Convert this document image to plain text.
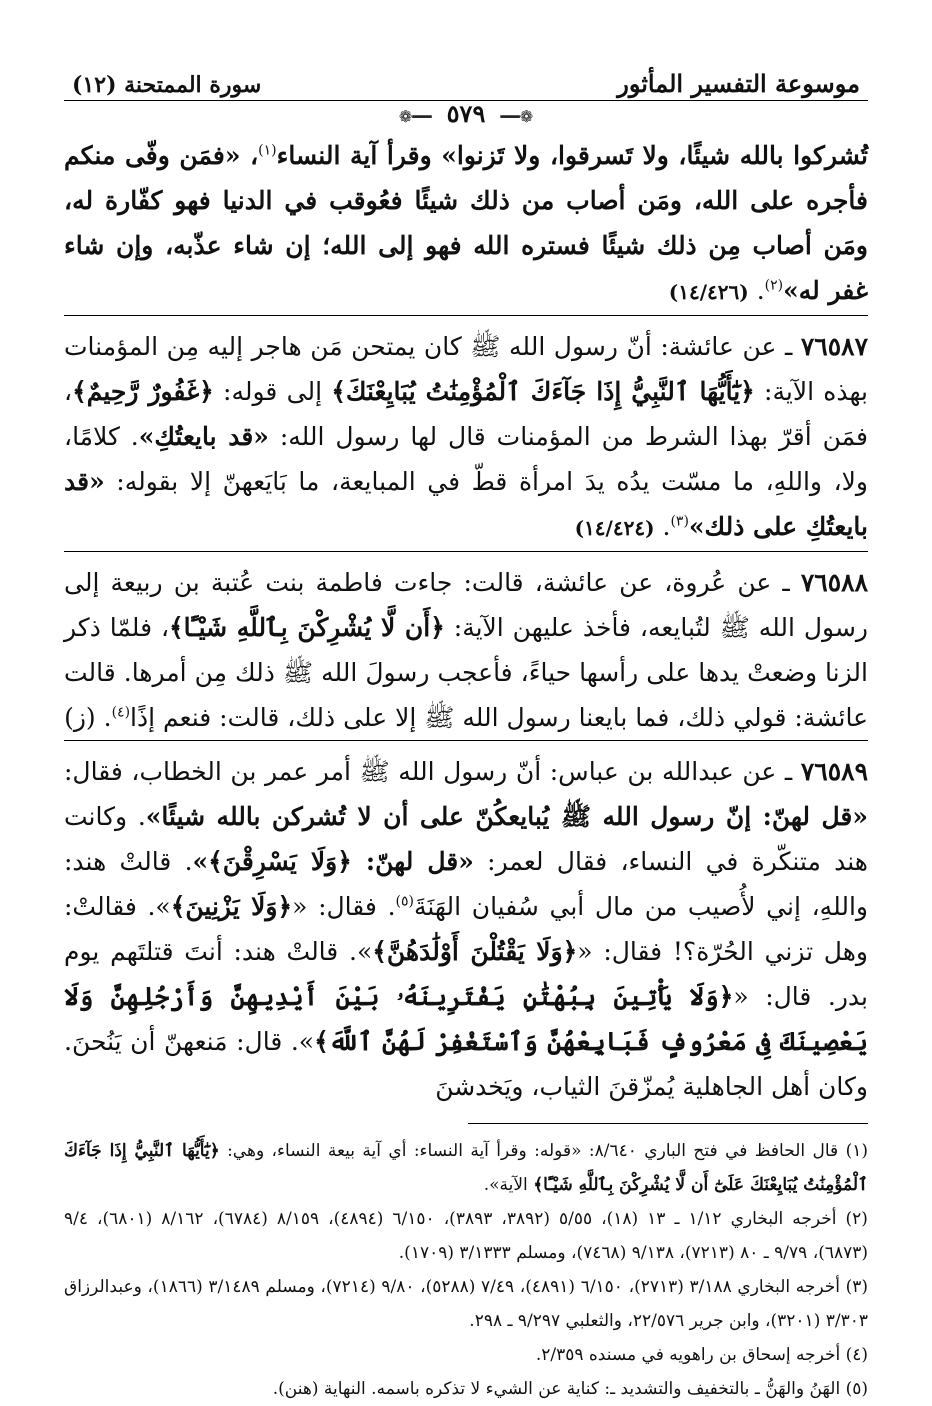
موسوعة التفسير المأثور
سورة الممتحنة (١٢)
❁━━ ٥٧٩ ━━❁

تُشركوا بالله شيئًا، ولا تَسرقوا، ولا تَزنوا» وقرأ آية النساء$^{(١)}$، «فمَن وفّى منكم فأجره على الله، ومَن أصاب من ذلك شيئًا فعُوقب في الدنيا فهو كفّارة له، ومَن أصاب مِن ذلك شيئًا فستره الله فهو إلى الله؛ إن شاء عذّبه، وإن شاء غفر له»$^{(٢)}$. (١٤/٤٢٦)

٧٦٥٨٧ ـ عن عائشة: أنّ رسول الله ﷺ كان يمتحن مَن هاجر إليه مِن المؤمنات بهذه الآية: ﴿يَٰٓأَيُّهَا ٱلنَّبِيُّ إِذَا جَآءَكَ ٱلْمُؤْمِنَٰتُ يُبَايِعْنَكَ﴾ إلى قوله: ﴿غَفُورٌ رَّحِيمٌ﴾، فمَن أقرّ بهذا الشرط من المؤمنات قال لها رسول الله: «قد بايعتُكِ». كلامًا، ولا، واللهِ، ما مسّت يدُه يدَ امرأة قطّ في المبايعة، ما بَايَعهنّ إلا بقوله: «قد بايعتُكِ على ذلك»$^{(٣)}$. (١٤/٤٢٤)

٧٦٥٨٨ ـ عن عُروة، عن عائشة، قالت: جاءت فاطمة بنت عُتبة بن ربيعة إلى رسول الله ﷺ لتُبايعه، فأخذ عليهن الآية: ﴿أَن لَّا يُشْرِكْنَ بِٱللَّهِ شَيْـًٔا﴾، فلمّا ذكر الزنا وضعتْ يدها على رأسها حياءً، فأعجب رسولَ الله ﷺ ذلك مِن أمرها. قالت عائشة: قولي ذلك، فما بايعنا رسول الله ﷺ إلا على ذلك، قالت: فنعم إذًا$^{(٤)}$. (ز)

٧٦٥٨٩ ـ عن عبدالله بن عباس: أنّ رسول الله ﷺ أمر عمر بن الخطاب، فقال: «قل لهنّ: إنّ رسول الله ﷺ يُبايعكُنّ على أن لا تُشركن بالله شيئًا». وكانت هند متنكّرة في النساء، فقال لعمر: «قل لهنّ: ﴿وَلَا يَسْرِقْنَ﴾». قالتْ هند: واللهِ، إني لأُصيب من مال أبي سُفيان الهَنَةَ$^{(٥)}$. فقال: «﴿وَلَا يَزْنِينَ﴾». فقالتْ: وهل تزني الحُرّة؟! فقال: «﴿وَلَا يَقْتُلْنَ أَوْلَٰدَهُنَّ﴾». قالتْ هند: أنتَ قتلتَهم يوم بدر. قال: «﴿وَلَا يَأْتِينَ بِبُهْتَٰنٍ يَفْتَرِينَهُۥ بَيْنَ أَيْدِيهِنَّ وَأَرْجُلِهِنَّ وَلَا يَعْصِينَكَ فِى مَعْرُوفٍ فَبَايِعْهُنَّ وَٱسْتَغْفِرْ لَهُنَّ ٱللَّهَ﴾». قال: مَنعهنّ أن يَنُحنَ. وكان أهل الجاهلية يُمزّقنَ الثياب، ويَخدشنَ

(١) قال الحافظ في فتح الباري ٨/٦٤٠: «قوله: وقرأ آية النساء: أي آية بيعة النساء، وهي: ﴿يَٰٓأَيُّهَا ٱلنَّبِيُّ إِذَا جَآءَكَ ٱلْمُؤْمِنَٰتُ يُبَايِعْنَكَ عَلَىٰٓ أَن لَّا يُشْرِكْنَ بِٱللَّهِ شَيْـًٔا﴾ الآية».

(٢) أخرجه البخاري ١/١٢ ـ ١٣ (١٨)، ٥/٥٥ (٣٨٩٢، ٣٨٩٣)، ٦/١٥٠ (٤٨٩٤)، ٨/١٥٩ (٦٧٨٤)، ٨/١٦٢ (٦٨٠١)، ٩/٤ (٦٨٧٣)، ٩/٧٩ ـ ٨٠ (٧٢١٣)، ٩/١٣٨ (٧٤٦٨)، ومسلم ٣/١٣٣٣ (١٧٠٩).

(٣) أخرجه البخاري ٣/١٨٨ (٢٧١٣)، ٦/١٥٠ (٤٨٩١)، ٧/٤٩ (٥٢٨٨)، ٩/٨٠ (٧٢١٤)، ومسلم ٣/١٤٨٩ (١٨٦٦)، وعبدالرزاق ٣/٣٠٣ (٣٢٠١)، وابن جرير ٢٢/٥٧٦، والثعلبي ٩/٢٩٧ ـ ٢٩٨.

(٤) أخرجه إسحاق بن راهويه في مسنده ٢/٣٥٩.

(٥) الهَنُ والهَنُّ ـ بالتخفيف والتشديد ـ: كناية عن الشيء لا تذكره باسمه. النهاية (هنن).
